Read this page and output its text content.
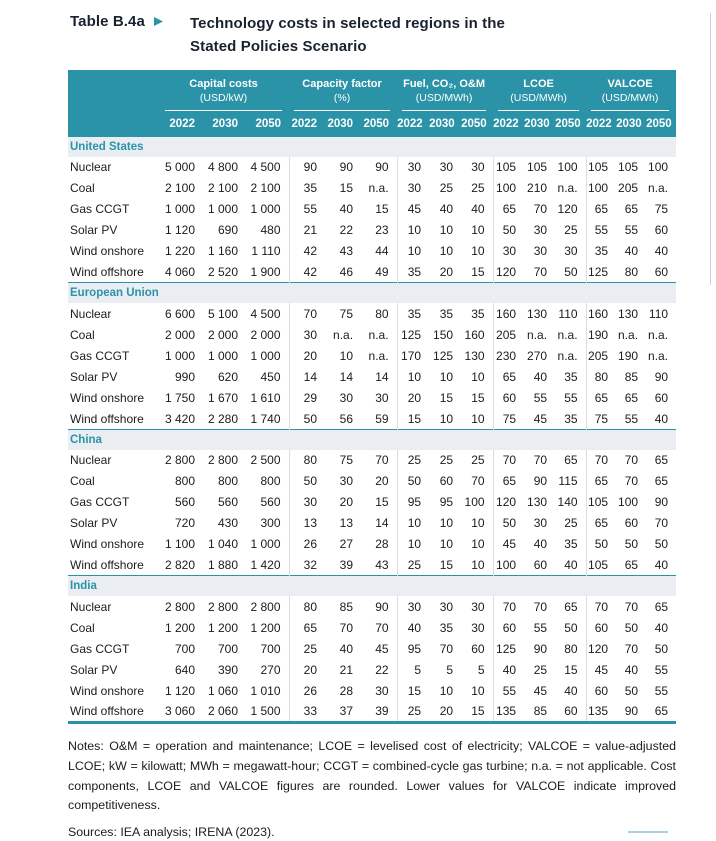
Table B.4a	Technology costs in selected regions in the
Stated Policies Scenario

Capital costs
(USD/kW)

Capacity factor
(%)

Fuel, CO₂, O&M
(USD/MWh)

LCOE
(USD/MWh)

VALCOE
(USD/MWh)

	2022	2030	2050	2022	2030	2050	2022	2030	2050	2022	2030	2050	2022	2030	2050
United States															
Nuclear	5 000	4 800	4 500	90	90	90	30	30	30	105	105	100	105	105	100
Coal	2 100	2 100	2 100	35	15	n.a.	30	25	25	100	210	n.a.	100	205	n.a.
Gas CCGT	1 000	1 000	1 000	55	40	15	45	40	40	65	70	120	65	65	75
Solar PV	1 120	690	480	21	22	23	10	10	10	50	30	25	55	55	60
Wind onshore	1 220	1 160	1 110	42	43	44	10	10	10	30	30	30	35	40	40
Wind offshore	4 060	2 520	1 900	42	46	49	35	20	15	120	70	50	125	80	60
European Union															
Nuclear	6 600	5 100	4 500	70	75	80	35	35	35	160	130	110	160	130	110
Coal	2 000	2 000	2 000	30	n.a.	n.a.	125	150	160	205	n.a.	n.a.	190	n.a.	n.a.
Gas CCGT	1 000	1 000	1 000	20	10	n.a.	170	125	130	230	270	n.a.	205	190	n.a.
Solar PV	990	620	450	14	14	14	10	10	10	65	40	35	80	85	90
Wind onshore	1 750	1 670	1 610	29	30	30	20	15	15	60	55	55	65	65	60
Wind offshore	3 420	2 280	1 740	50	56	59	15	10	10	75	45	35	75	55	40
China															
Nuclear	2 800	2 800	2 500	80	75	70	25	25	25	70	70	65	70	70	65
Coal	800	800	800	50	30	20	50	60	70	65	90	115	65	70	65
Gas CCGT	560	560	560	30	20	15	95	95	100	120	130	140	105	100	90
Solar PV	720	430	300	13	13	14	10	10	10	50	30	25	65	60	70
Wind onshore	1 100	1 040	1 000	26	27	28	10	10	10	45	40	35	50	50	50
Wind offshore	2 820	1 880	1 420	32	39	43	25	15	10	100	60	40	105	65	40
India															
Nuclear	2 800	2 800	2 800	80	85	90	30	30	30	70	70	65	70	70	65
Coal	1 200	1 200	1 200	65	70	70	40	35	30	60	55	50	60	50	40
Gas CCGT	700	700	700	25	40	45	95	70	60	125	90	80	120	70	50
Solar PV	640	390	270	20	21	22	5	5	5	40	25	15	45	40	55
Wind onshore	1 120	1 060	1 010	26	28	30	15	10	10	55	45	40	60	50	55
Wind offshore	3 060	2 060	1 500	33	37	39	25	20	15	135	85	60	135	90	65

Notes: O&M = operation and maintenance; LCOE = levelised cost of electricity; VALCOE = value-adjusted LCOE; kW = kilowatt; MWh = megawatt-hour; CCGT = combined-cycle gas turbine; n.a. = not applicable. Cost components, LCOE and VALCOE figures are rounded. Lower values for VALCOE indicate improved competitiveness.

Sources: IEA analysis; IRENA (2023).
